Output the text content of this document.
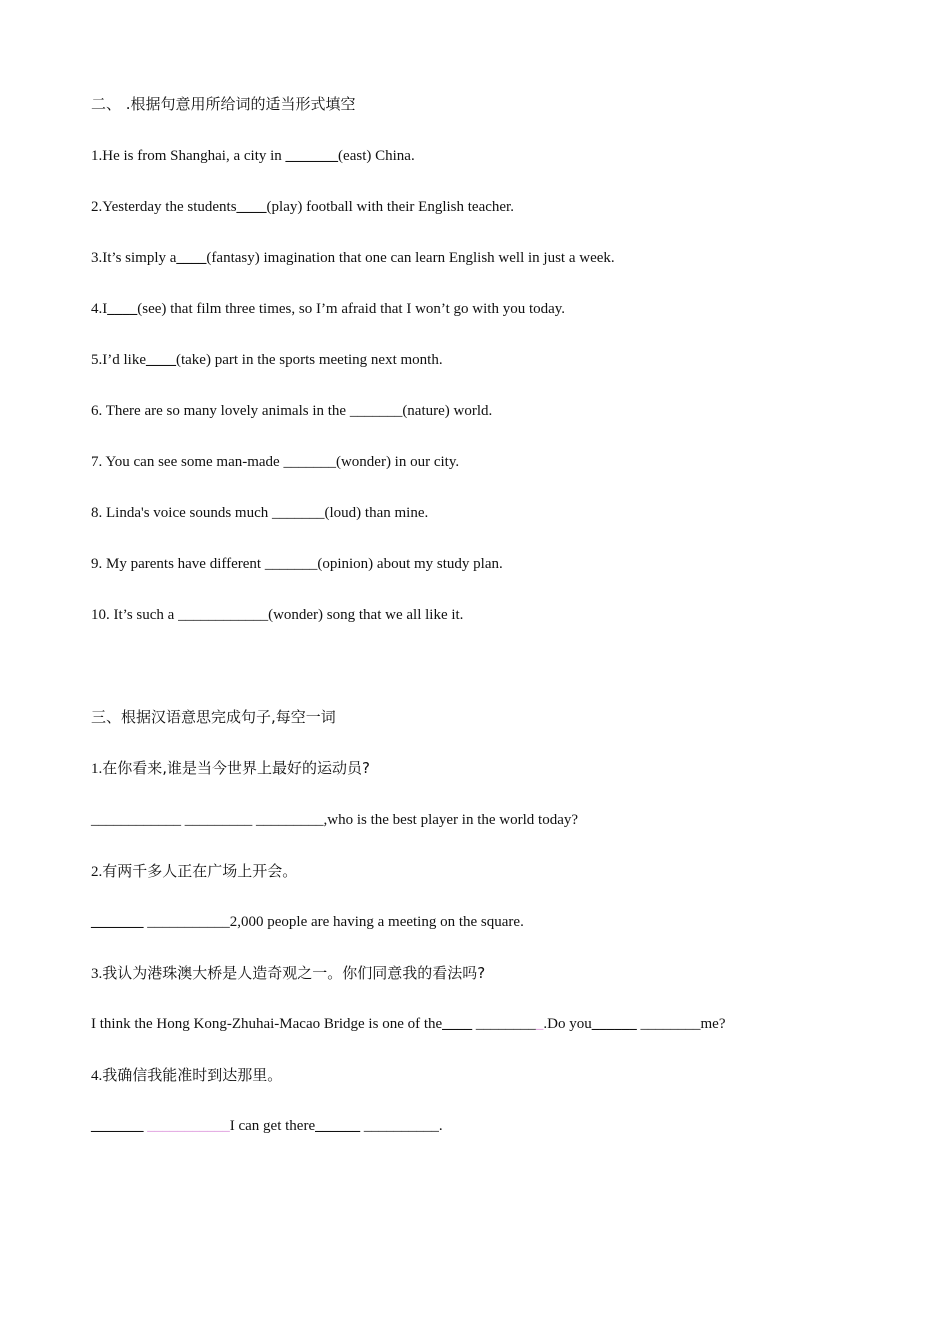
二、 .根据句意用所给词的适当形式填空
1.He is from Shanghai, a city in _______(east) China.
2.Yesterday the students____(play) football with their English teacher.
3.It’s simply a____(fantasy) imagination that one can learn English well in just a week.
4.I____(see) that film three times, so I’m afraid that I won’t go with you today.
5.I’d like____(take) part in the sports meeting next month.
6. There are so many lovely animals in the _______(nature) world.
7. You can see some man-made _______(wonder) in our city.
8. Linda's voice sounds much _______(loud) than mine.
9. My parents have different _______(opinion) about my study plan.
10. It’s such a ____________(wonder) song that we all like it.
三、根据汉语意思完成句子,每空一词
1.在你看来,谁是当今世界上最好的运动员?
____________ _________ _________,who is the best player in the world today?
2.有两千多人正在广场上开会。
_______ ___________2,000 people are having a meeting on the square.
3.我认为港珠澳大桥是人造奇观之一。你们同意我的看法吗?
I think the Hong Kong-Zhuhai-Macao Bridge is one of the____ _________.Do you______ ________me?
4.我确信我能准时到达那里。
_______ ___________I can get there______ __________.
